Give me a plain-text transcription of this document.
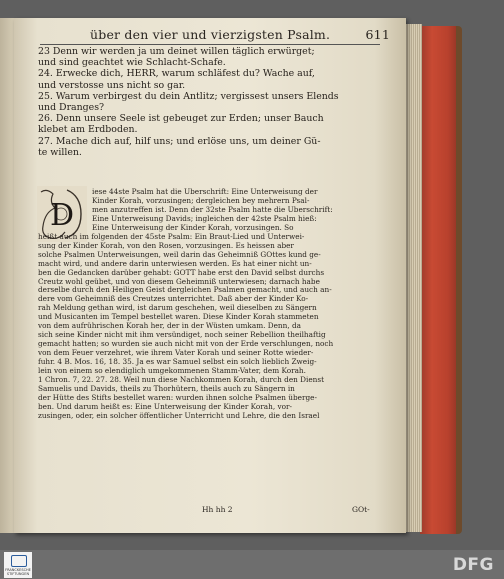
über den vier und vierzigsten Psalm.	611
23 Denn wir werden ja um deinet willen täglich erwürget;
und sind geachtet wie Schlacht-Schafe.
24. Erwecke dich, HERR, warum schläfest du? Wache auf,
und verstosse uns nicht so gar.
25. Warum verbirgest du dein Antlitz; vergissest unsers Elends
und Dranges?
26. Denn unsere Seele ist gebeuget zur Erden; unser Bauch
klebet am Erdboden.
27. Mache dich auf, hilf uns; und erlöse uns, um deiner Gü-
te willen.
D
iese 44ste Psalm hat die Uberschrift: Eine Unterweisung der
Kinder Korah, vorzusingen; dergleichen bey mehrern Psal-
men anzutreffen ist. Denn der 32ste Psalm hatte die Uberschrift:
Eine Unterweisung Davids; ingleichen der 42ste Psalm hieß:
Eine Unterweisung der Kinder Korah, vorzusingen. So
heißt auch im folgenden der 45ste Psalm: Ein Braut-Lied und Unterwei-
sung der Kinder Korah, von den Rosen, vorzusingen. Es heissen aber
solche Psalmen Unterweisungen, weil darin das Geheimniß GOttes kund ge-
macht wird, und andere darin unterwiesen werden. Es hat einer nicht un-
ben die Gedancken darüber gehabt: GOTT habe erst den David selbst durchs
Creutz wohl geübet, und von diesem Geheimniß unterwiesen; darnach habe
derselbe durch den Heiligen Geist dergleichen Psalmen gemacht, und auch an-
dere vom Geheimniß des Creutzes unterrichtet. Daß aber der Kinder Ko-
rah Meldung gethan wird, ist darum geschehen, weil dieselben zu Sängern
und Musicanten im Tempel bestellet waren. Diese Kinder Korah stammeten
von dem aufrührischen Korah her, der in der Wüsten umkam. Denn, da
sich seine Kinder nicht mit ihm versündiget, noch seiner Rebellion theilhaftig
gemacht hatten; so wurden sie auch nicht mit von der Erde verschlungen, noch
von dem Feuer verzehret, wie ihrem Vater Korah und seiner Rotte wieder-
fuhr. 4 B. Mos. 16, 18. 35. Ja es war Samuel selbst ein solch lieblich Zweig-
lein von einem so elendiglich umgekommenen Stamm-Vater, dem Korah.
1 Chron. 7, 22. 27. 28. Weil nun diese Nachkommen Korah, durch den Dienst
Samuelis und Davids, theils zu Thorhütern, theils auch zu Sängern in
der Hütte des Stifts bestellet waren: wurden ihnen solche Psalmen überge-
ben. Und darum heißt es: Eine Unterweisung der Kinder Korah, vor-
zusingen, oder, ein solcher öffentlicher Unterricht und Lehre, die den Israel
Hh hh 2	GOt-
FRANCKESCHE STIFTUNGEN	DFG
